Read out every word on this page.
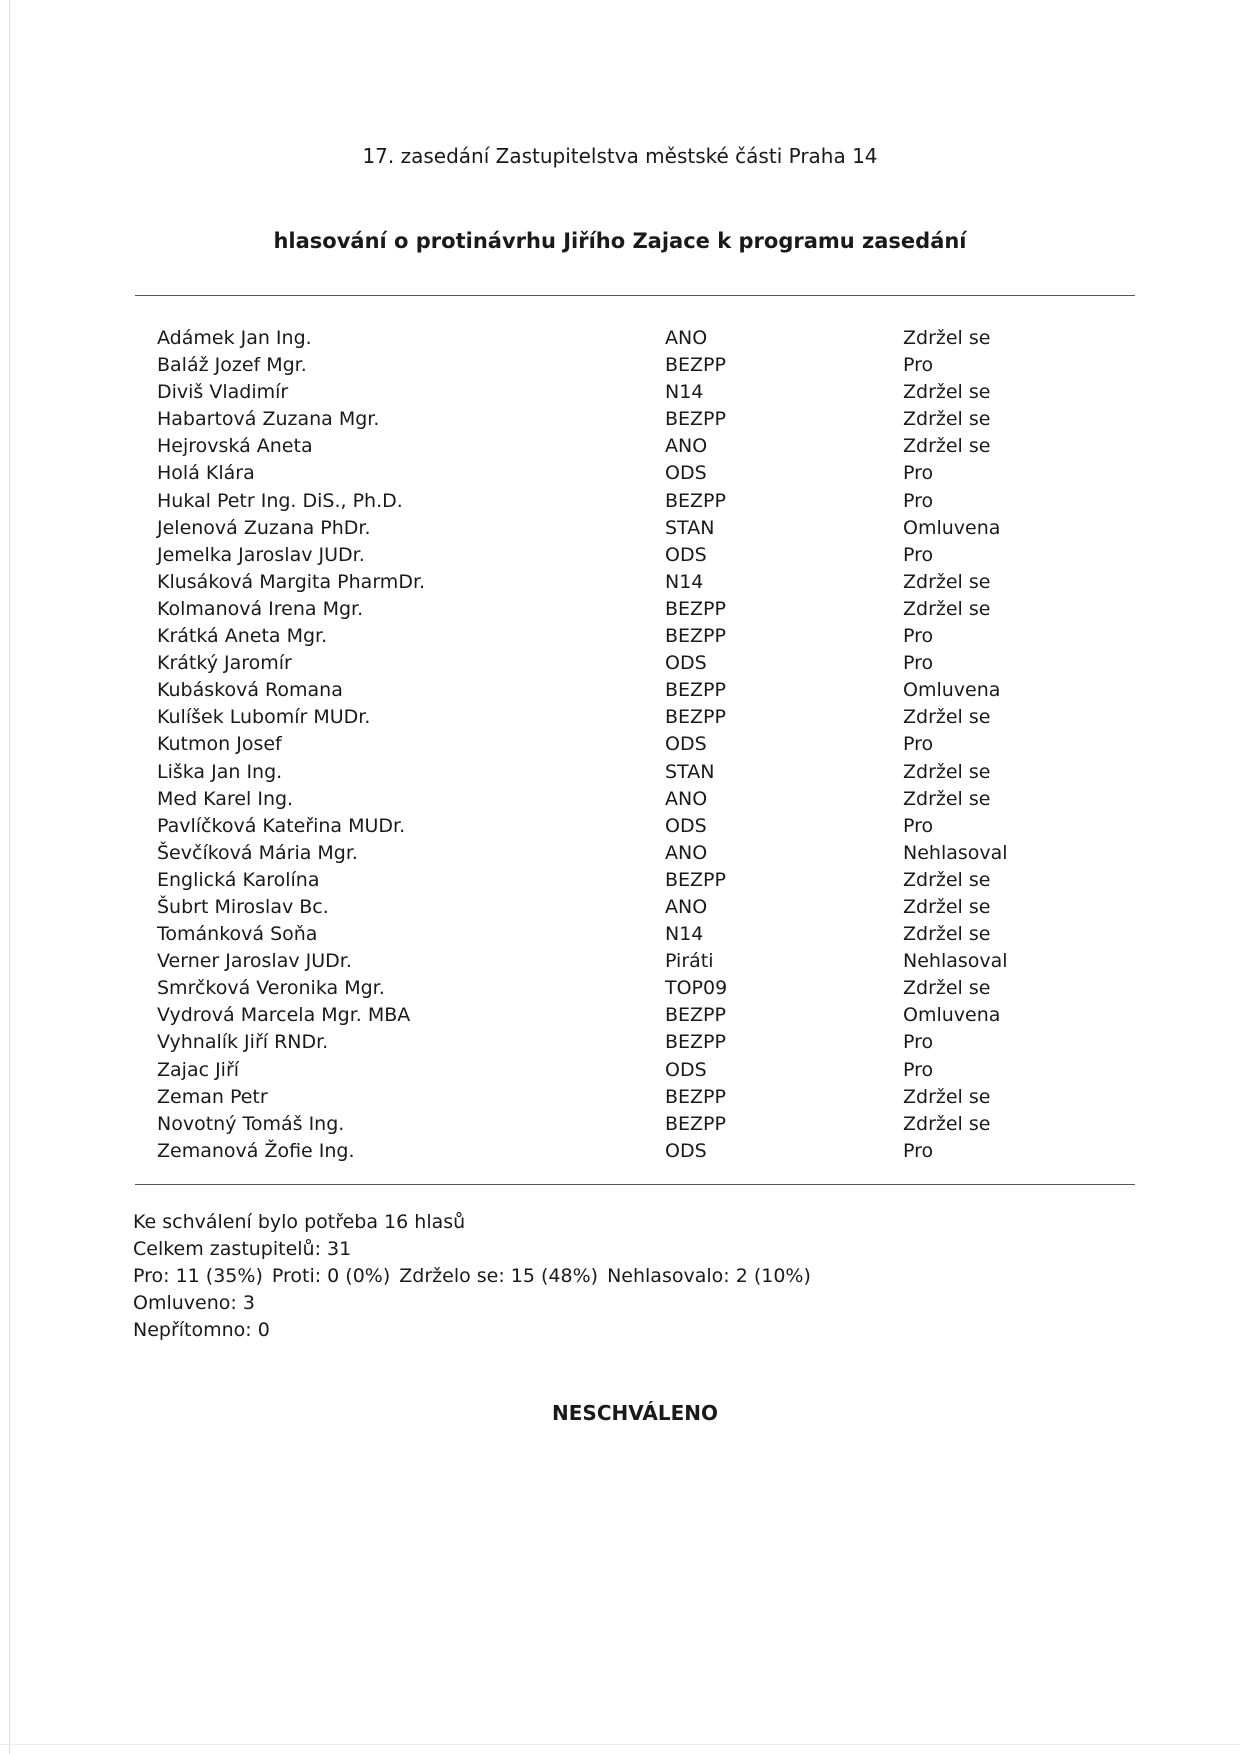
17. zasedání Zastupitelstva městské části Praha 14
hlasování o protinávrhu Jiřího Zajace k programu zasedání
Adámek Jan Ing.	ANO	Zdržel se
Baláž Jozef Mgr.	BEZPP	Pro
Diviš Vladimír	N14	Zdržel se
Habartová Zuzana Mgr.	BEZPP	Zdržel se
Hejrovská Aneta	ANO	Zdržel se
Holá Klára	ODS	Pro
Hukal Petr Ing. DiS., Ph.D.	BEZPP	Pro
Jelenová Zuzana PhDr.	STAN	Omluvena
Jemelka Jaroslav JUDr.	ODS	Pro
Klusáková Margita PharmDr.	N14	Zdržel se
Kolmanová Irena Mgr.	BEZPP	Zdržel se
Krátká Aneta Mgr.	BEZPP	Pro
Krátký Jaromír	ODS	Pro
Kubásková Romana	BEZPP	Omluvena
Kulíšek Lubomír MUDr.	BEZPP	Zdržel se
Kutmon Josef	ODS	Pro
Liška Jan Ing.	STAN	Zdržel se
Med Karel Ing.	ANO	Zdržel se
Pavlíčková Kateřina MUDr.	ODS	Pro
Ševčíková Mária Mgr.	ANO	Nehlasoval
Englická Karolína	BEZPP	Zdržel se
Šubrt Miroslav Bc.	ANO	Zdržel se
Tománková Soňa	N14	Zdržel se
Verner Jaroslav JUDr.	Piráti	Nehlasoval
Smrčková Veronika Mgr.	TOP09	Zdržel se
Vydrová Marcela Mgr. MBA	BEZPP	Omluvena
Vyhnalík Jiří RNDr.	BEZPP	Pro
Zajac Jiří	ODS	Pro
Zeman Petr	BEZPP	Zdržel se
Novotný Tomáš Ing.	BEZPP	Zdržel se
Zemanová Žofie Ing.	ODS	Pro
Ke schválení bylo potřeba 16 hlasů
Celkem zastupitelů: 31
Pro: 11 (35%) Proti: 0 (0%) Zdrželo se: 15 (48%) Nehlasovalo: 2 (10%)
Omluveno: 3
Nepřítomno: 0
NESCHVÁLENO
